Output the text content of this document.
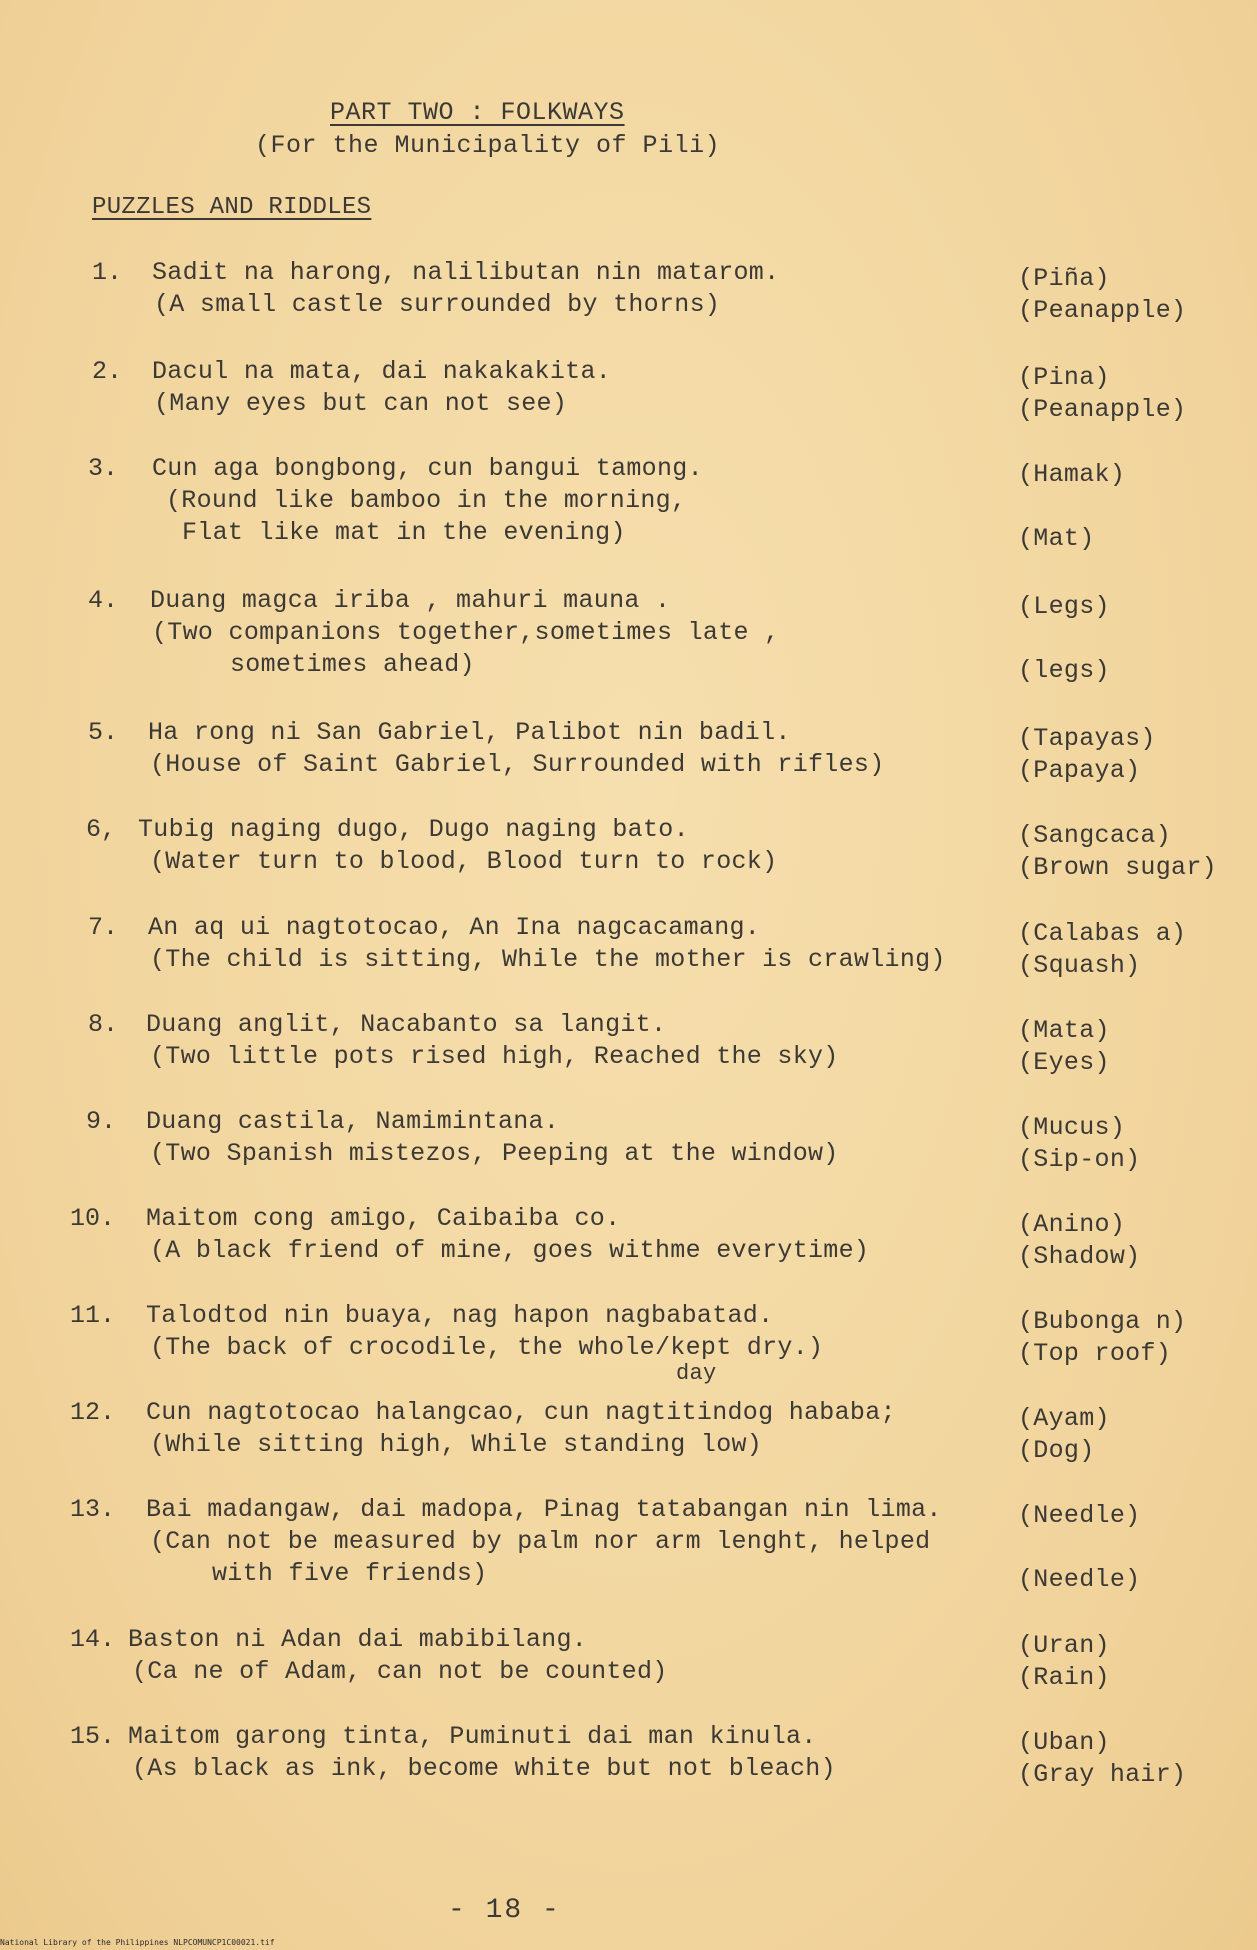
PART TWO : FOLKWAYS
(For the Municipality of Pili)
PUZZLES AND RIDDLES
1. Sadit na harong, nalilibutan nin matarom.
(A small castle surrounded by thorns)
(Piña)
(Peanapple)
2. Dacul na mata, dai nakakakita.
(Many eyes but can not see)
(Pina)
(Peanapple)
3. Cun aga bongbong, cun bangui tamong.
(Round like bamboo in the morning,
Flat like mat in the evening)
(Hamak)
(Mat)
4. Duang magca iriba , mahuri mauna .
(Two companions together,sometimes late ,
sometimes ahead)
(Legs)
(legs)
5. Ha rong ni San Gabriel, Palibot nin badil.
(House of Saint Gabriel, Surrounded with rifles)
(Tapayas)
(Papaya)
6, Tubig naging dugo, Dugo naging bato.
(Water turn to blood, Blood turn to rock)
(Sangcaca)
(Brown sugar)
7. An aq ui nagtotocao, An Ina nagcacamang.
(The child is sitting, While the mother is crawling)
(Calabas a)
(Squash)
8. Duang anglit, Nacabanto sa langit.
(Two little pots rised high, Reached the sky)
(Mata)
(Eyes)
9. Duang castila, Namimintana.
(Two Spanish mistezos, Peeping at the window)
(Mucus)
(Sip-on)
10. Maitom cong amigo, Caibaiba co.
(A black friend of mine, goes withme everytime)
(Anino)
(Shadow)
11. Talodtod nin buaya, nag hapon nagbabatad.
(The back of crocodile, the whole/kept dry.)
day
(Bubonga n)
(Top roof)
12. Cun nagtotocao halangcao, cun nagtitindog hababa;
(While sitting high, While standing low)
(Ayam)
(Dog)
13. Bai madangaw, dai madopa, Pinag tatabangan nin lima.
(Can not be measured by palm nor arm lenght, helped
with five friends)
(Needle)
(Needle)
14. Baston ni Adan dai mabibilang.
(Ca ne of Adam, can not be counted)
(Uran)
(Rain)
15. Maitom garong tinta, Puminuti dai man kinula.
(As black as ink, become white but not bleach)
(Uban)
(Gray hair)
- 18 -
National Library of the Philippines NLPCOMUNCP1C00021.tif
